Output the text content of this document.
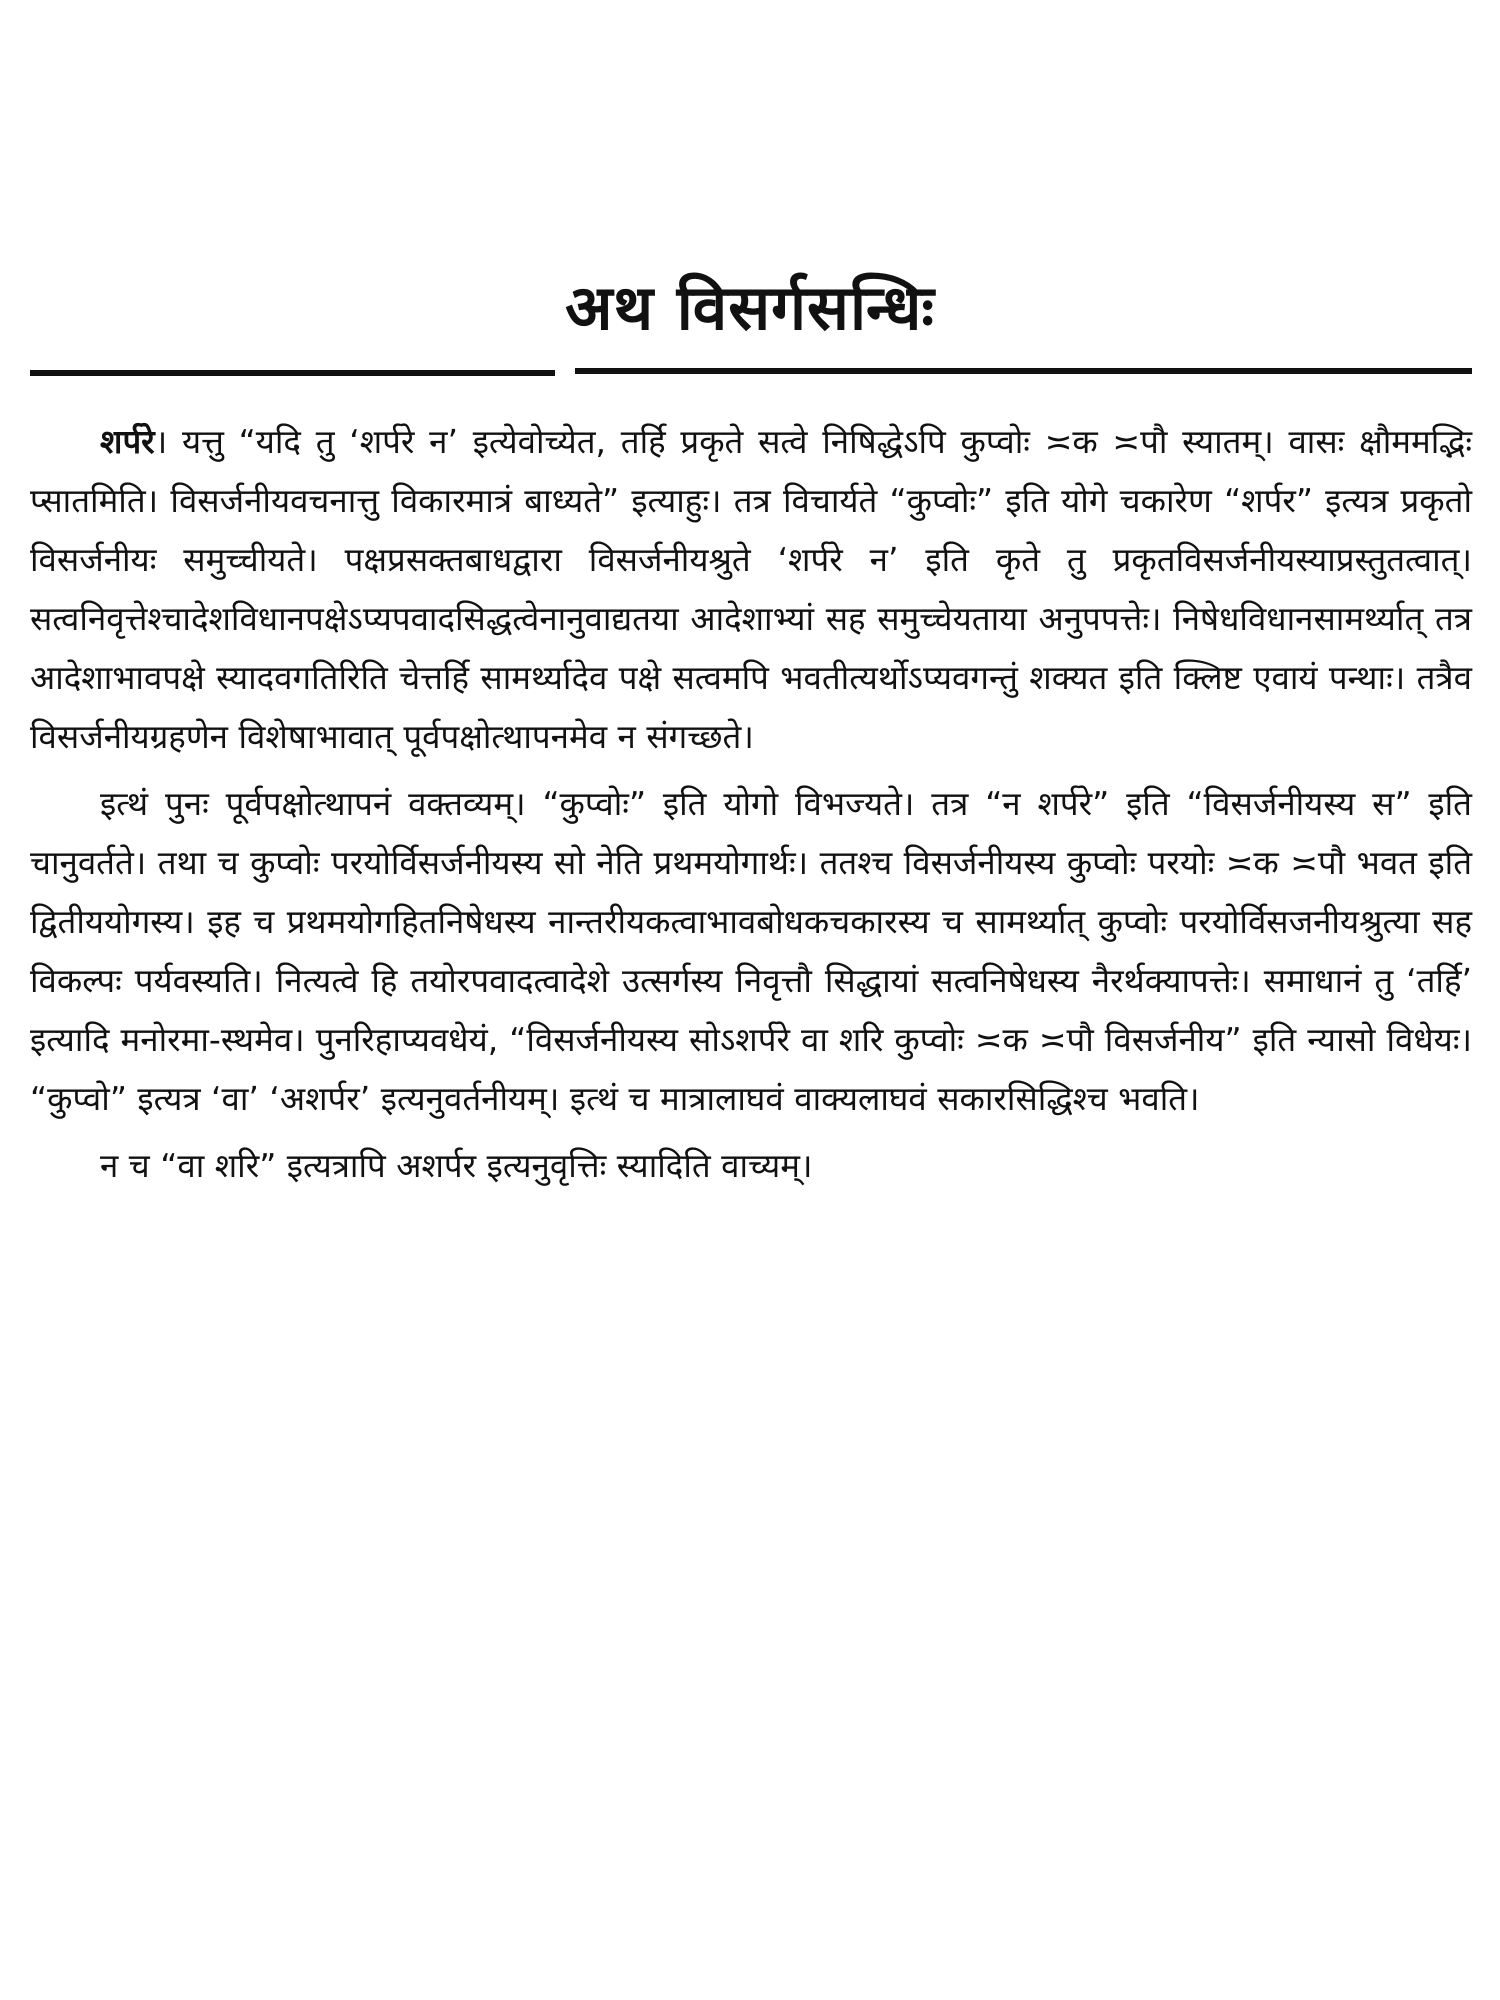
अथ विसर्गसन्धिः

शर्परे। यत्तु “यदि तु ‘शर्परे न’ इत्येवोच्येत, तर्हि प्रकृते सत्वे निषिद्धेऽपि कुप्वोः ≍क ≍पौ स्यातम्। वासः क्षौममद्भिः प्सातमिति। विसर्जनीयवचनात्तु विकारमात्रं बाध्यते” इत्याहुः। तत्र विचार्यते “कुप्वोः” इति योगे चकारेण “शर्पर” इत्यत्र प्रकृतो विसर्जनीयः समुच्चीयते। पक्षप्रसक्तबाधद्वारा विसर्जनीयश्रुते ‘शर्परे न’ इति कृते तु प्रकृतविसर्जनीयस्याप्रस्तुतत्वात्। सत्वनिवृत्तेश्चादेशविधानपक्षेऽप्यपवादसिद्धत्वेनानुवाद्यतया आदेशाभ्यां सह समुच्चेयताया अनुपपत्तेः। निषेधविधानसामर्थ्यात् तत्र आदेशाभावपक्षे स्यादवगतिरिति चेत्तर्हि सामर्थ्यादेव पक्षे सत्वमपि भवतीत्यर्थोऽप्यवगन्तुं शक्यत इति क्लिष्ट एवायं पन्थाः। तत्रैव विसर्जनीयग्रहणेन विशेषाभावात् पूर्वपक्षोत्थापनमेव न संगच्छते।

इत्थं पुनः पूर्वपक्षोत्थापनं वक्तव्यम्। “कुप्वोः” इति योगो विभज्यते। तत्र “न शर्परे” इति “विसर्जनीयस्य स” इति चानुवर्तते। तथा च कुप्वोः परयोर्विसर्जनीयस्य सो नेति प्रथमयोगार्थः। ततश्च विसर्जनीयस्य कुप्वोः परयोः ≍क ≍पौ भवत इति द्वितीययोगस्य। इह च प्रथमयोगहितनिषेधस्य नान्तरीयकत्वाभावबोधकचकारस्य च सामर्थ्यात् कुप्वोः परयोर्विसजनीयश्रुत्या सह विकल्पः पर्यवस्यति। नित्यत्वे हि तयोरपवादत्वादेशे उत्सर्गस्य निवृत्तौ सिद्धायां सत्वनिषेधस्य नैरर्थक्यापत्तेः। समाधानं तु ‘तर्हि’ इत्यादि मनोरमा-स्थमेव। पुनरिहाप्यवधेयं, “विसर्जनीयस्य सोऽशर्परे वा शरि कुप्वोः ≍क ≍पौ विसर्जनीय” इति न्यासो विधेयः। “कुप्वो” इत्यत्र ‘वा’ ‘अशर्पर’ इत्यनुवर्तनीयम्। इत्थं च मात्रालाघवं वाक्यलाघवं सकारसिद्धिश्च भवति।

न च “वा शरि” इत्यत्रापि अशर्पर इत्यनुवृत्तिः स्यादिति वाच्यम्।
